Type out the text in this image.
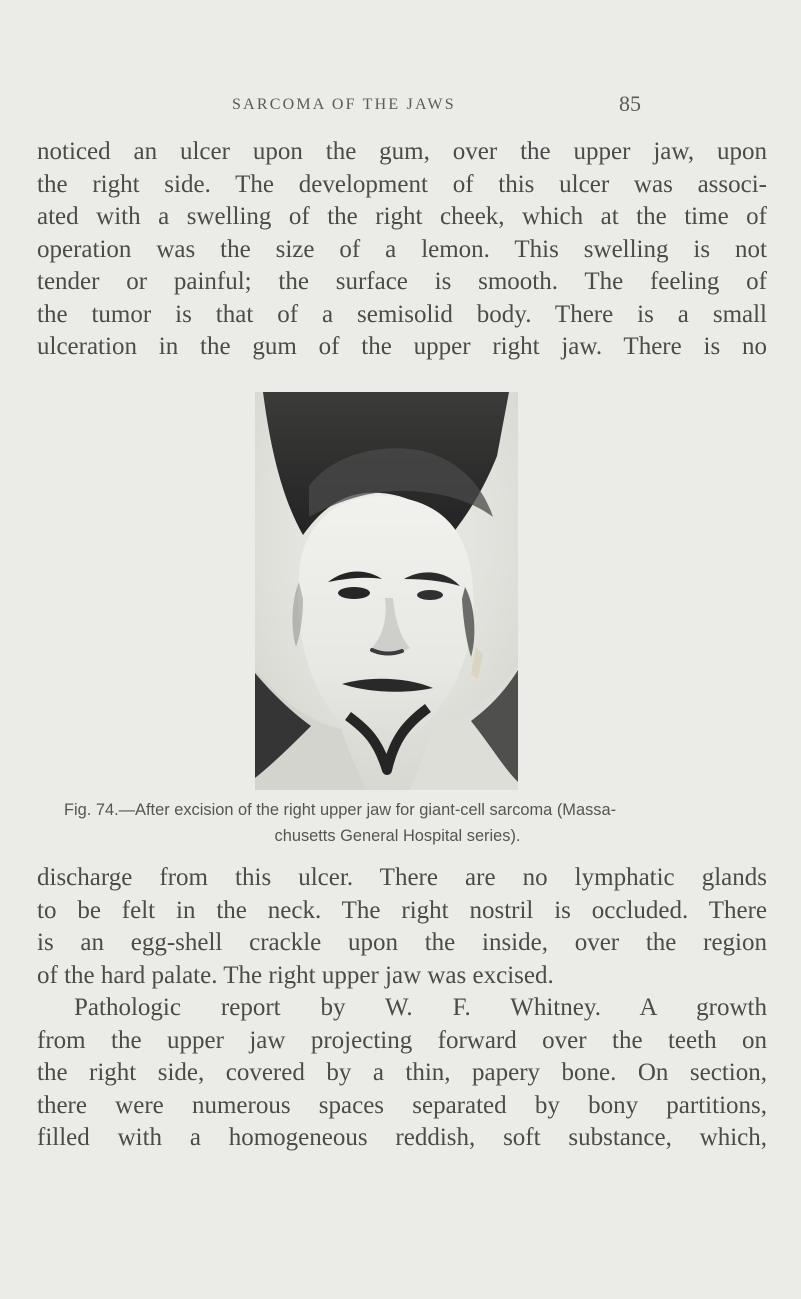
SARCOMA OF THE JAWS	85

noticed an ulcer upon the gum, over the upper jaw, upon
the right side. The development of this ulcer was associ-
ated with a swelling of the right cheek, which at the time of
operation was the size of a lemon. This swelling is not
tender or painful; the surface is smooth. The feeling of
the tumor is that of a semisolid body. There is a small
ulceration in the gum of the upper right jaw. There is no

Fig. 74.—After excision of the right upper jaw for giant-cell sarcoma (Massa-
chusetts General Hospital series).

discharge from this ulcer. There are no lymphatic glands
to be felt in the neck. The right nostril is occluded. There
is an egg-shell crackle upon the inside, over the region
of the hard palate. The right upper jaw was excised.
Pathologic report by W. F. Whitney. A growth
from the upper jaw projecting forward over the teeth on
the right side, covered by a thin, papery bone. On section,
there were numerous spaces separated by bony partitions,
filled with a homogeneous reddish, soft substance, which,
